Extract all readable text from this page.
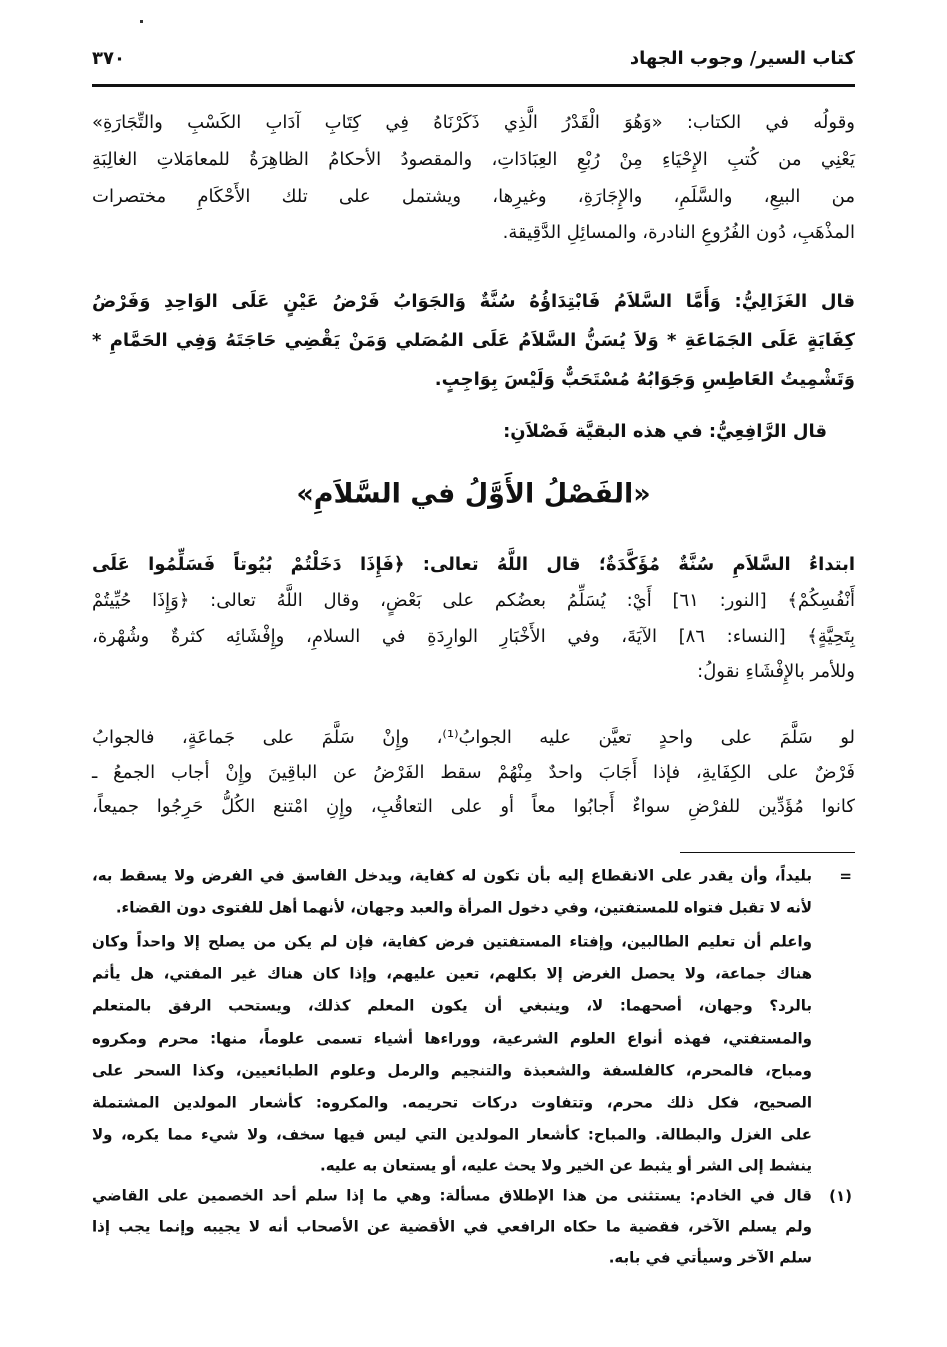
كتاب السير/ وجوب الجهاد
٣٧٠
وقولُه في الكتاب: «وَهُوَ الْقَدْرُ الَّذِي ذَكَرْنَاهُ فِي كِتَابِ آدَابِ الكَسْبِ والتِّجَارَةِ»
يَعْنِي من كُتبِ الإِحْيَاءِ مِنْ رُبْعِ العِبَادَاتِ، والمقصودُ الأحكامُ الظاهِرَةُ للمعامَلاتِ الغالِبَةِ
من البيعِ، والسَّلَمِ، والإِجَارَةِ، وغيرِها، ويشتمل على تلك الأَحْكَامِ مختصرات
المذْهَبِ، دُون الفُرُوعِ النادرة، والمسائِلِ الدَّقِيقة.
قال الغَزَالِيُّ: وَأَمَّا السَّلاَمُ فَابْتِدَاؤُهُ سُنَّةٌ وَالجَوَابُ فَرْضُ عَيْنٍ عَلَى الوَاحِدِ وَفَرْضُ
كِفَايَةٍ عَلَى الجَمَاعَةِ * وَلاَ يُسَنُّ السَّلاَمُ عَلَى المُصَلي وَمَنْ يَقْضِي حَاجَتَهُ وَفِي الحَمَّامِ *
وَتَشْمِيتُ العَاطِسِ وَجَوَابُهُ مُسْتَحَبٌّ وَلَيْسَ بِوَاجِبٍ.
قال الرَّافِعِيُّ: في هذه البقيَّة فَصْلاَنِ:
«الفَصْلُ الأَوَّلُ في السَّلاَمِ»
ابتداءُ السَّلاَمِ سُنَّةٌ مُؤَكَّدَةٌ؛ قال اللَّهُ تعالى: ﴿فَإِذَا دَخَلْتُمْ بُيُوتاً فَسَلِّمُوا عَلَى
أَنْفُسِكُمْ﴾ [النور: ٦١] أَيْ: يُسَلِّمُ بعضُكم على بَعْضٍ، وقال اللَّهُ تعالى: ﴿وَإِذَا حُيِّيتُمْ
بِتَحِيَّةٍ﴾ [النساء: ٨٦] الآيَةَ، وفي الأَخْبَارِ الوارِدَةِ في السلامِ، وإِفْشَائِه كثرةٌ وشُهْرة،
وللأمر بالإِفْشَاءِ نقولُ:
لو سَلَّمَ على واحدٍ تعيَّن عليه الجوابُ⁽¹⁾، وإِنْ سَلَّمَ على جَماعَةٍ، فالجوابُ
فَرْضٌ على الكِفَايةِ، فإذا أَجَابَ واحدٌ مِنْهُمْ سقط الفَرْضُ عن الباقِينَ وإِنْ أجاب الجمعُ ـ
كانوا مُؤَدِّين للفرْضِ سواءٌ أَجابُوا معاً أو على التعاقُبِ، وإِنِ امْتنع الكُلُّ حَرِجُوا جميعاً،
=
بليداً، وأن يقدر على الانقطاع إليه بأن تكون له كفاية، ويدخل الفاسق في الفرض ولا يسقط به،
لأنه لا تقبل فتواه للمستفتين، وفي دخول المرأة والعبد وجهان، لأنهما أهل للفتوى دون القضاء.
واعلم أن تعليم الطالبين، وإفتاء المستفتين فرض كفاية، فإن لم يكن من يصلح إلا واحداً وكان
هناك جماعة، ولا يحصل الغرض إلا بكلهم، تعين عليهم، وإذا كان هناك غير المفتي، هل يأثم
بالرد؟ وجهان، أصحهما: لا، وينبغي أن يكون المعلم كذلك، ويستحب الرفق بالمتعلم
والمستفتي، فهذه أنواع العلوم الشرعية، ووراءها أشياء تسمى علوماً، منها: محرم ومكروه
ومباح، فالمحرم، كالفلسفة والشعبذة والتنجيم والرمل وعلوم الطبائعيين، وكذا السحر على
الصحيح، فكل ذلك محرم، وتتفاوت دركات تحريمه. والمكروه: كأشعار المولدين المشتملة
على الغزل والبطالة. والمباح: كأشعار المولدين التي ليس فيها سخف، ولا شيء مما يكره، ولا
ينشط إلى الشر أو يثبط عن الخير ولا يحث عليه، أو يستعان به عليه.
(١)
قال في الخادم: يستثنى من هذا الإطلاق مسألة: وهي ما إذا سلم أحد الخصمين على القاضي
ولم يسلم الآخر، فقضية ما حكاه الرافعي في الأقضية عن الأصحاب أنه لا يجيبه وإنما يجب إذا
سلم الآخر وسيأتي في بابه.
